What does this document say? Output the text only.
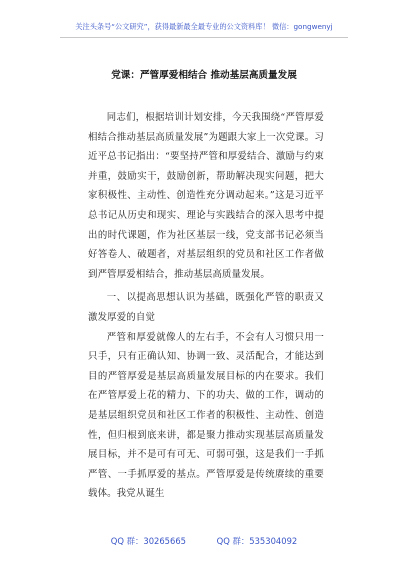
关注头条号“公文研究”，获得最新最全最专业的公文资料库！ 微信：gongwenyj
党课：严管厚爱相结合 推动基层高质量发展

同志们，根据培训计划安排，今天我围绕“严管厚爱相结合推动基层高质量发展”为题跟大家上一次党课。习近平总书记指出：“要坚持严管和厚爱结合、激励与约束并重，鼓励实干，鼓励创新，帮助解决现实问题，把大家积极性、主动性、创造性充分调动起来。”这是习近平总书记从历史和现实、理论与实践结合的深入思考中提出的时代课题，作为社区基层一线，党支部书记必须当好答卷人、破题者，对基层组织的党员和社区工作者做到严管厚爱相结合，推动基层高质量发展。

一、以提高思想认识为基础，既强化严管的职责又激发厚爱的自觉

严管和厚爱就像人的左右手，不会有人习惯只用一只手，只有正确认知、协调一致、灵活配合，才能达到目的严管厚爱是基层高质量发展目标的内在要求。我们在严管厚爱上花的精力、下的功夫、做的工作，调动的是基层组织党员和社区工作者的积极性、主动性、创造性，但归根到底来讲，都是聚力推动实现基层高质量发展目标，并不是可有可无、可弱可强，这是我们一手抓严管、一手抓厚爱的基点。严管厚爱是传统赓续的重要载体。我党从诞生

QQ 群：30265665	QQ 群：535304092
